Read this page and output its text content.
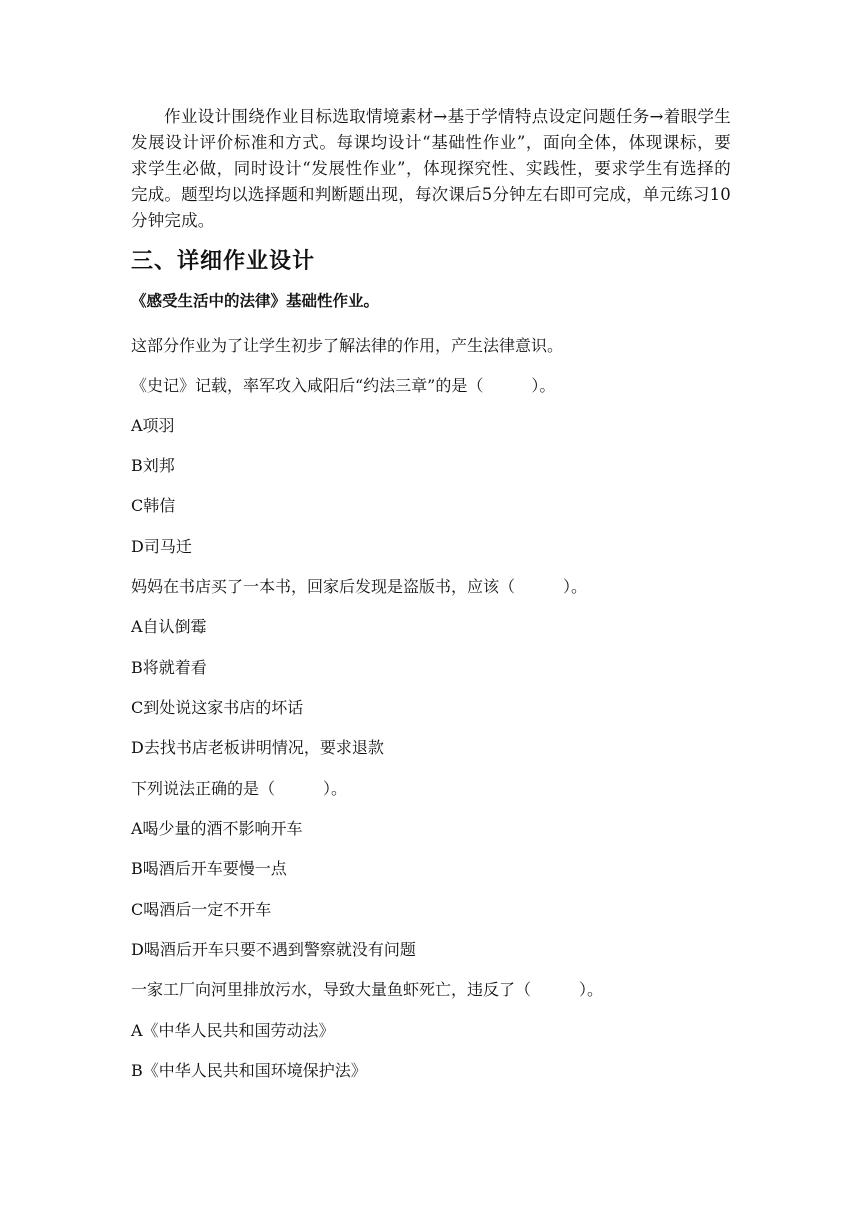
作业设计围绕作业目标选取情境素材→基于学情特点设定问题任务→着眼学生发展设计评价标准和方式。每课均设计“基础性作业”，面向全体，体现课标，要求学生必做，同时设计“发展性作业”，体现探究性、实践性，要求学生有选择的完成。题型均以选择题和判断题出现，每次课后5分钟左右即可完成，单元练习10分钟完成。

三、详细作业设计

《感受生活中的法律》基础性作业。

这部分作业为了让学生初步了解法律的作用，产生法律意识。

《史记》记载，率军攻入咸阳后“约法三章”的是（　　　）。

A项羽

B刘邦

C韩信

D司马迁

妈妈在书店买了一本书，回家后发现是盗版书，应该（　　　）。

A自认倒霉

B将就着看

C到处说这家书店的坏话

D去找书店老板讲明情况，要求退款

下列说法正确的是（　　　）。

A喝少量的酒不影响开车

B喝酒后开车要慢一点

C喝酒后一定不开车

D喝酒后开车只要不遇到警察就没有问题

一家工厂向河里排放污水，导致大量鱼虾死亡，违反了（　　　）。

A《中华人民共和国劳动法》

B《中华人民共和国环境保护法》
